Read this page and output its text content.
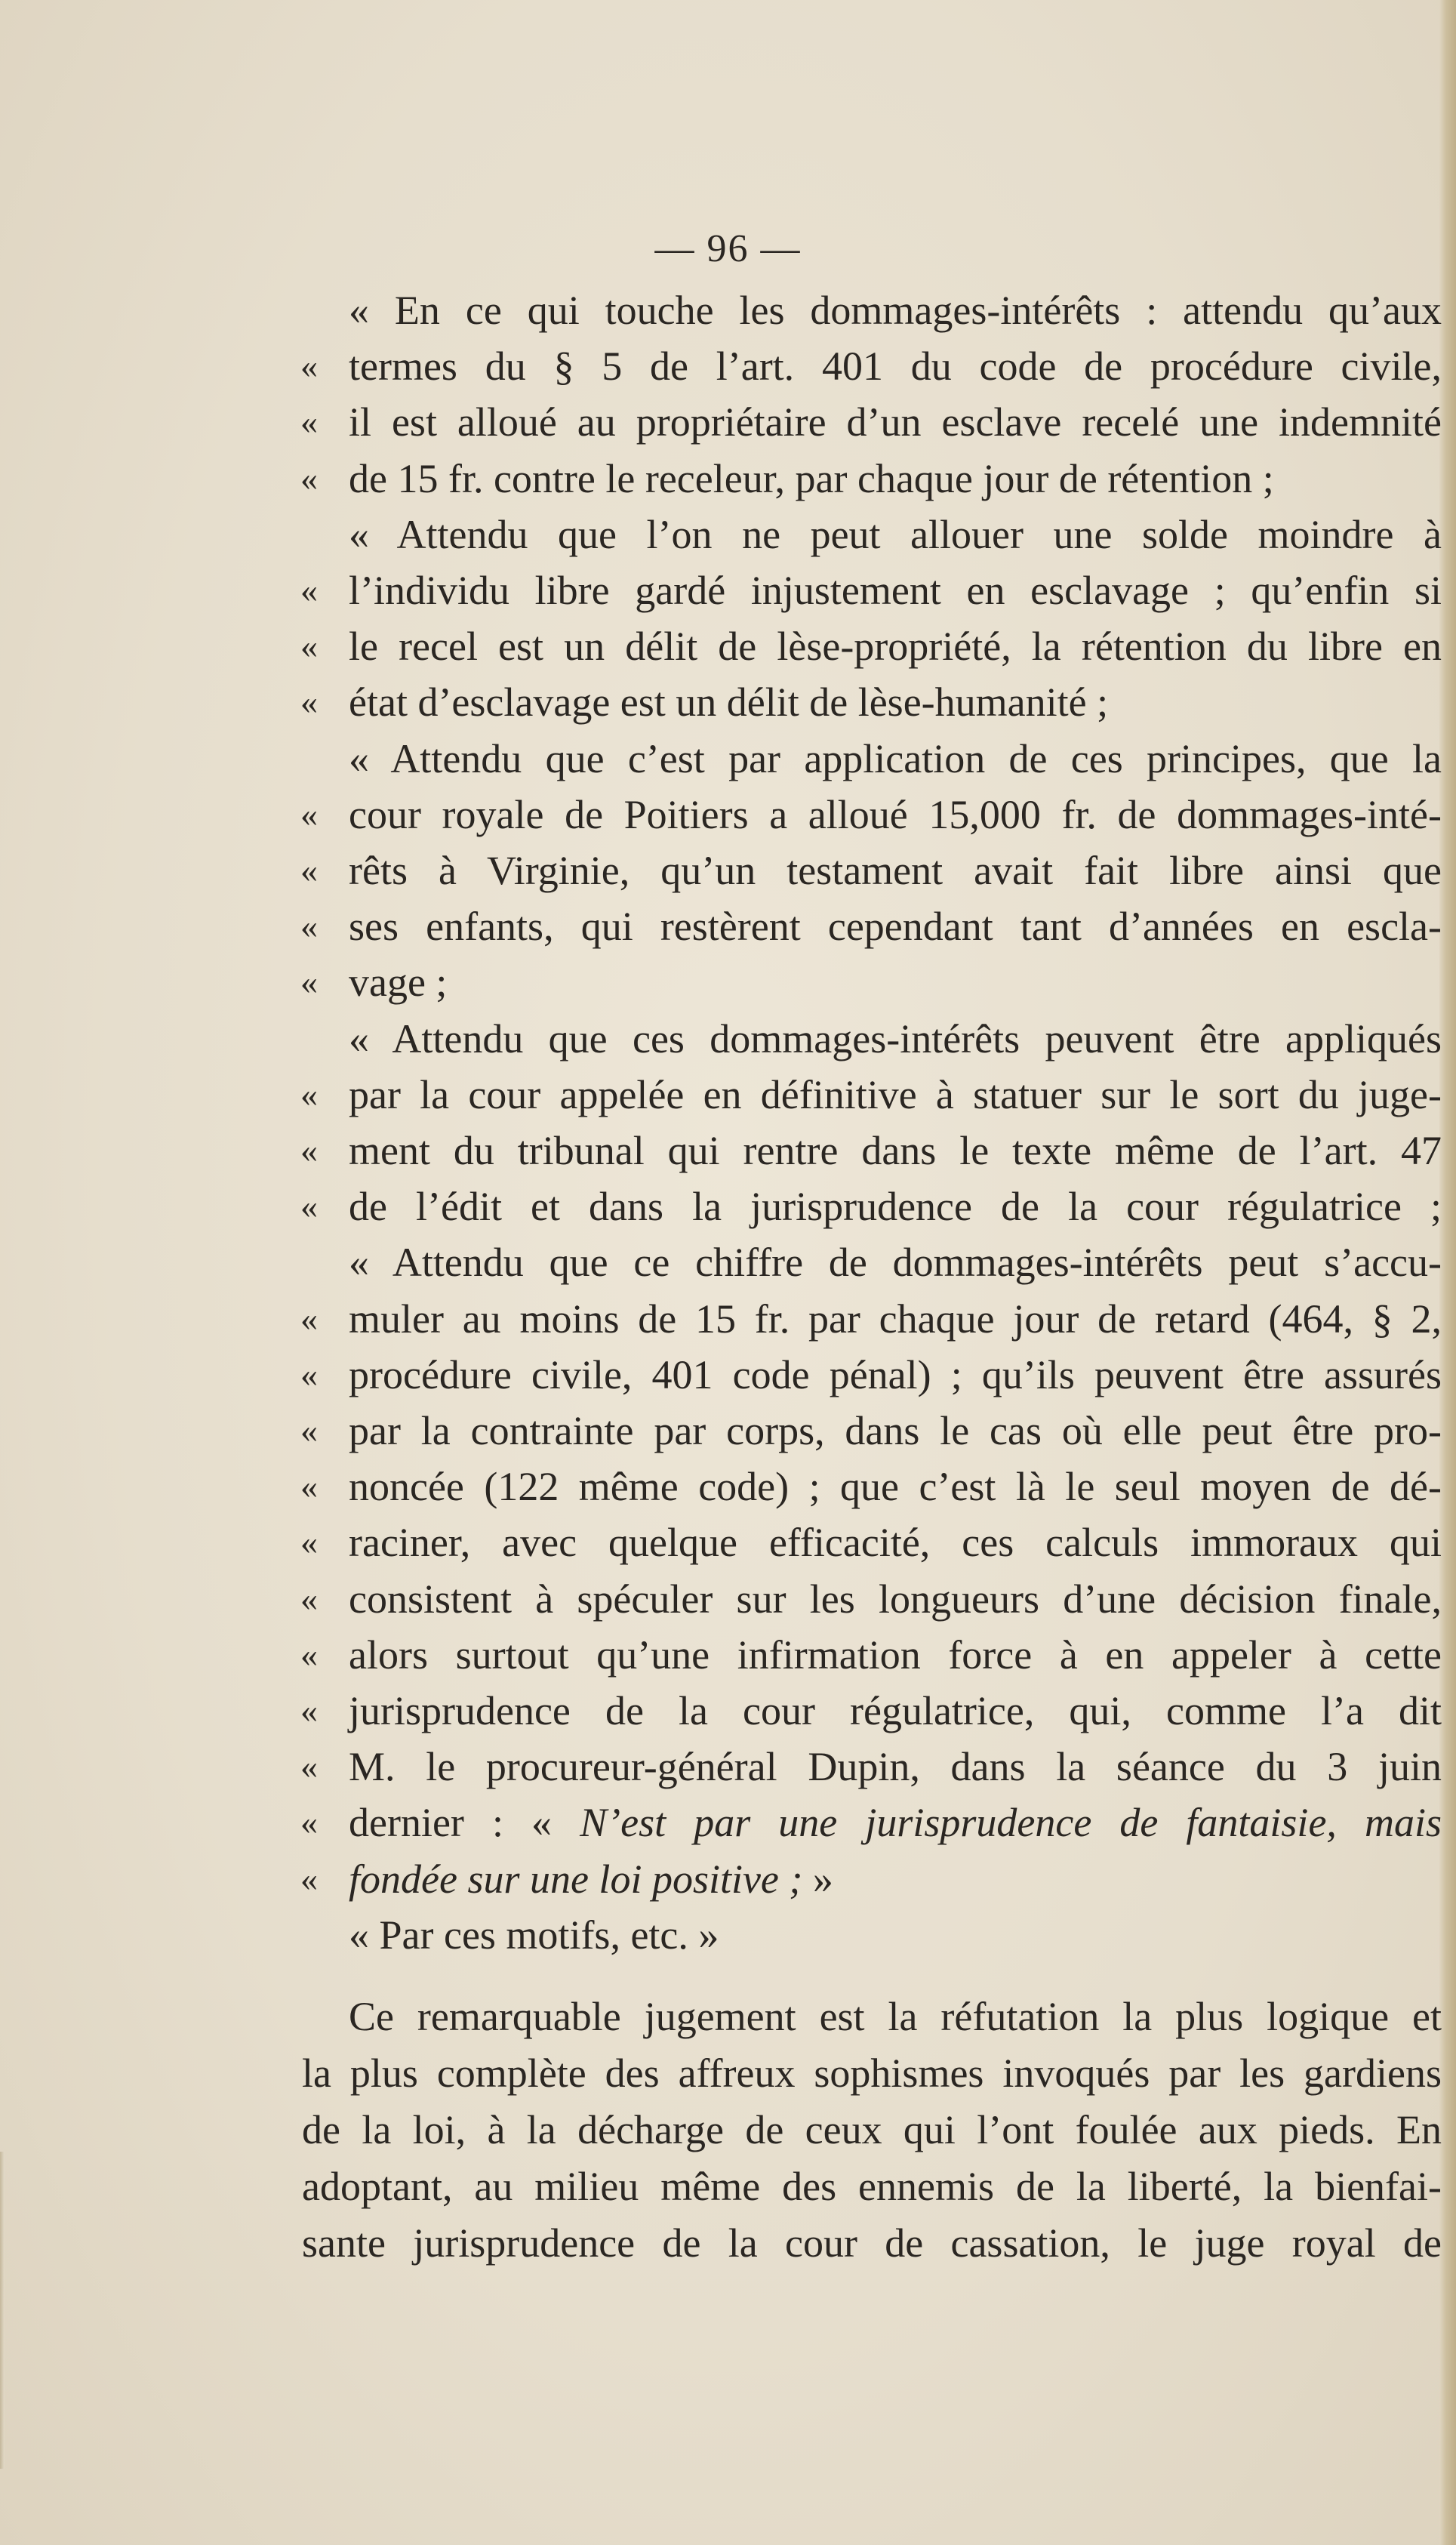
— 96 —
« En ce qui touche les dommages-intérêts : attendu qu’aux
« termes du § 5 de l’art. 401 du code de procédure civile,
« il est alloué au propriétaire d’un esclave recelé une indemnité
« de 15 fr. contre le receleur, par chaque jour de rétention ;
« Attendu que l’on ne peut allouer une solde moindre à
« l’individu libre gardé injustement en esclavage ; qu’enfin si
« le recel est un délit de lèse-propriété, la rétention du libre en
« état d’esclavage est un délit de lèse-humanité ;
« Attendu que c’est par application de ces principes, que la
« cour royale de Poitiers a alloué 15,000 fr. de dommages-inté-
« rêts à Virginie, qu’un testament avait fait libre ainsi que
« ses enfants, qui restèrent cependant tant d’années en escla-
« vage ;
« Attendu que ces dommages-intérêts peuvent être appliqués
« par la cour appelée en définitive à statuer sur le sort du juge-
« ment du tribunal qui rentre dans le texte même de l’art. 47
« de l’édit et dans la jurisprudence de la cour régulatrice ;
« Attendu que ce chiffre de dommages-intérêts peut s’accu-
« muler au moins de 15 fr. par chaque jour de retard (464, § 2,
« procédure civile, 401 code pénal) ; qu’ils peuvent être assurés
« par la contrainte par corps, dans le cas où elle peut être pro-
« noncée (122 même code) ; que c’est là le seul moyen de dé-
« raciner, avec quelque efficacité, ces calculs immoraux qui
« consistent à spéculer sur les longueurs d’une décision finale,
« alors surtout qu’une infirmation force à en appeler à cette
« jurisprudence de la cour régulatrice, qui, comme l’a dit
« M. le procureur-général Dupin, dans la séance du 3 juin
« dernier : « N’est par une jurisprudence de fantaisie, mais
« fondée sur une loi positive ; »
« Par ces motifs, etc. »
Ce remarquable jugement est la réfutation la plus logique et
la plus complète des affreux sophismes invoqués par les gardiens
de la loi, à la décharge de ceux qui l’ont foulée aux pieds. En
adoptant, au milieu même des ennemis de la liberté, la bienfai-
sante jurisprudence de la cour de cassation, le juge royal de
